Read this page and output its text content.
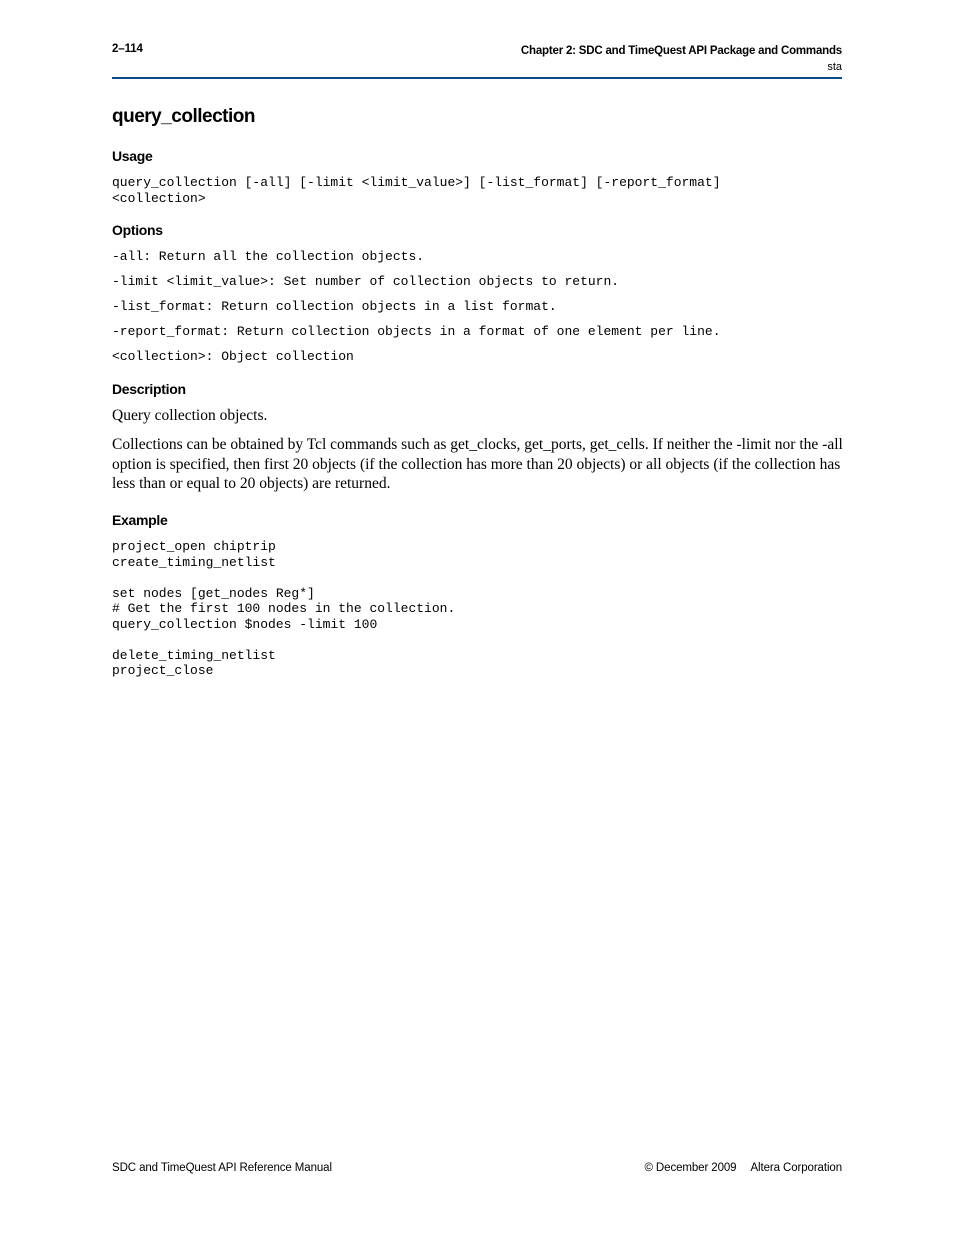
2–114	Chapter 2: SDC and TimeQuest API Package and Commands
sta
query_collection
Usage
query_collection [-all] [-limit <limit_value>] [-list_format] [-report_format]
<collection>
Options
-all: Return all the collection objects.
-limit <limit_value>: Set number of collection objects to return.
-list_format: Return collection objects in a list format.
-report_format: Return collection objects in a format of one element per line.
<collection>: Object collection
Description

Query collection objects.

Collections can be obtained by Tcl commands such as get_clocks, get_ports, get_cells. If neither the -limit nor the -all option is specified, then first 20 objects (if the collection has more than 20 objects) or all objects (if the collection has less than or equal to 20 objects) are returned.

Example
project_open chiptrip
create_timing_netlist
set nodes [get_nodes Reg*]
# Get the first 100 nodes in the collection.
query_collection $nodes -limit 100
delete_timing_netlist
project_close
SDC and TimeQuest API Reference Manual	© December 2009 Altera Corporation
